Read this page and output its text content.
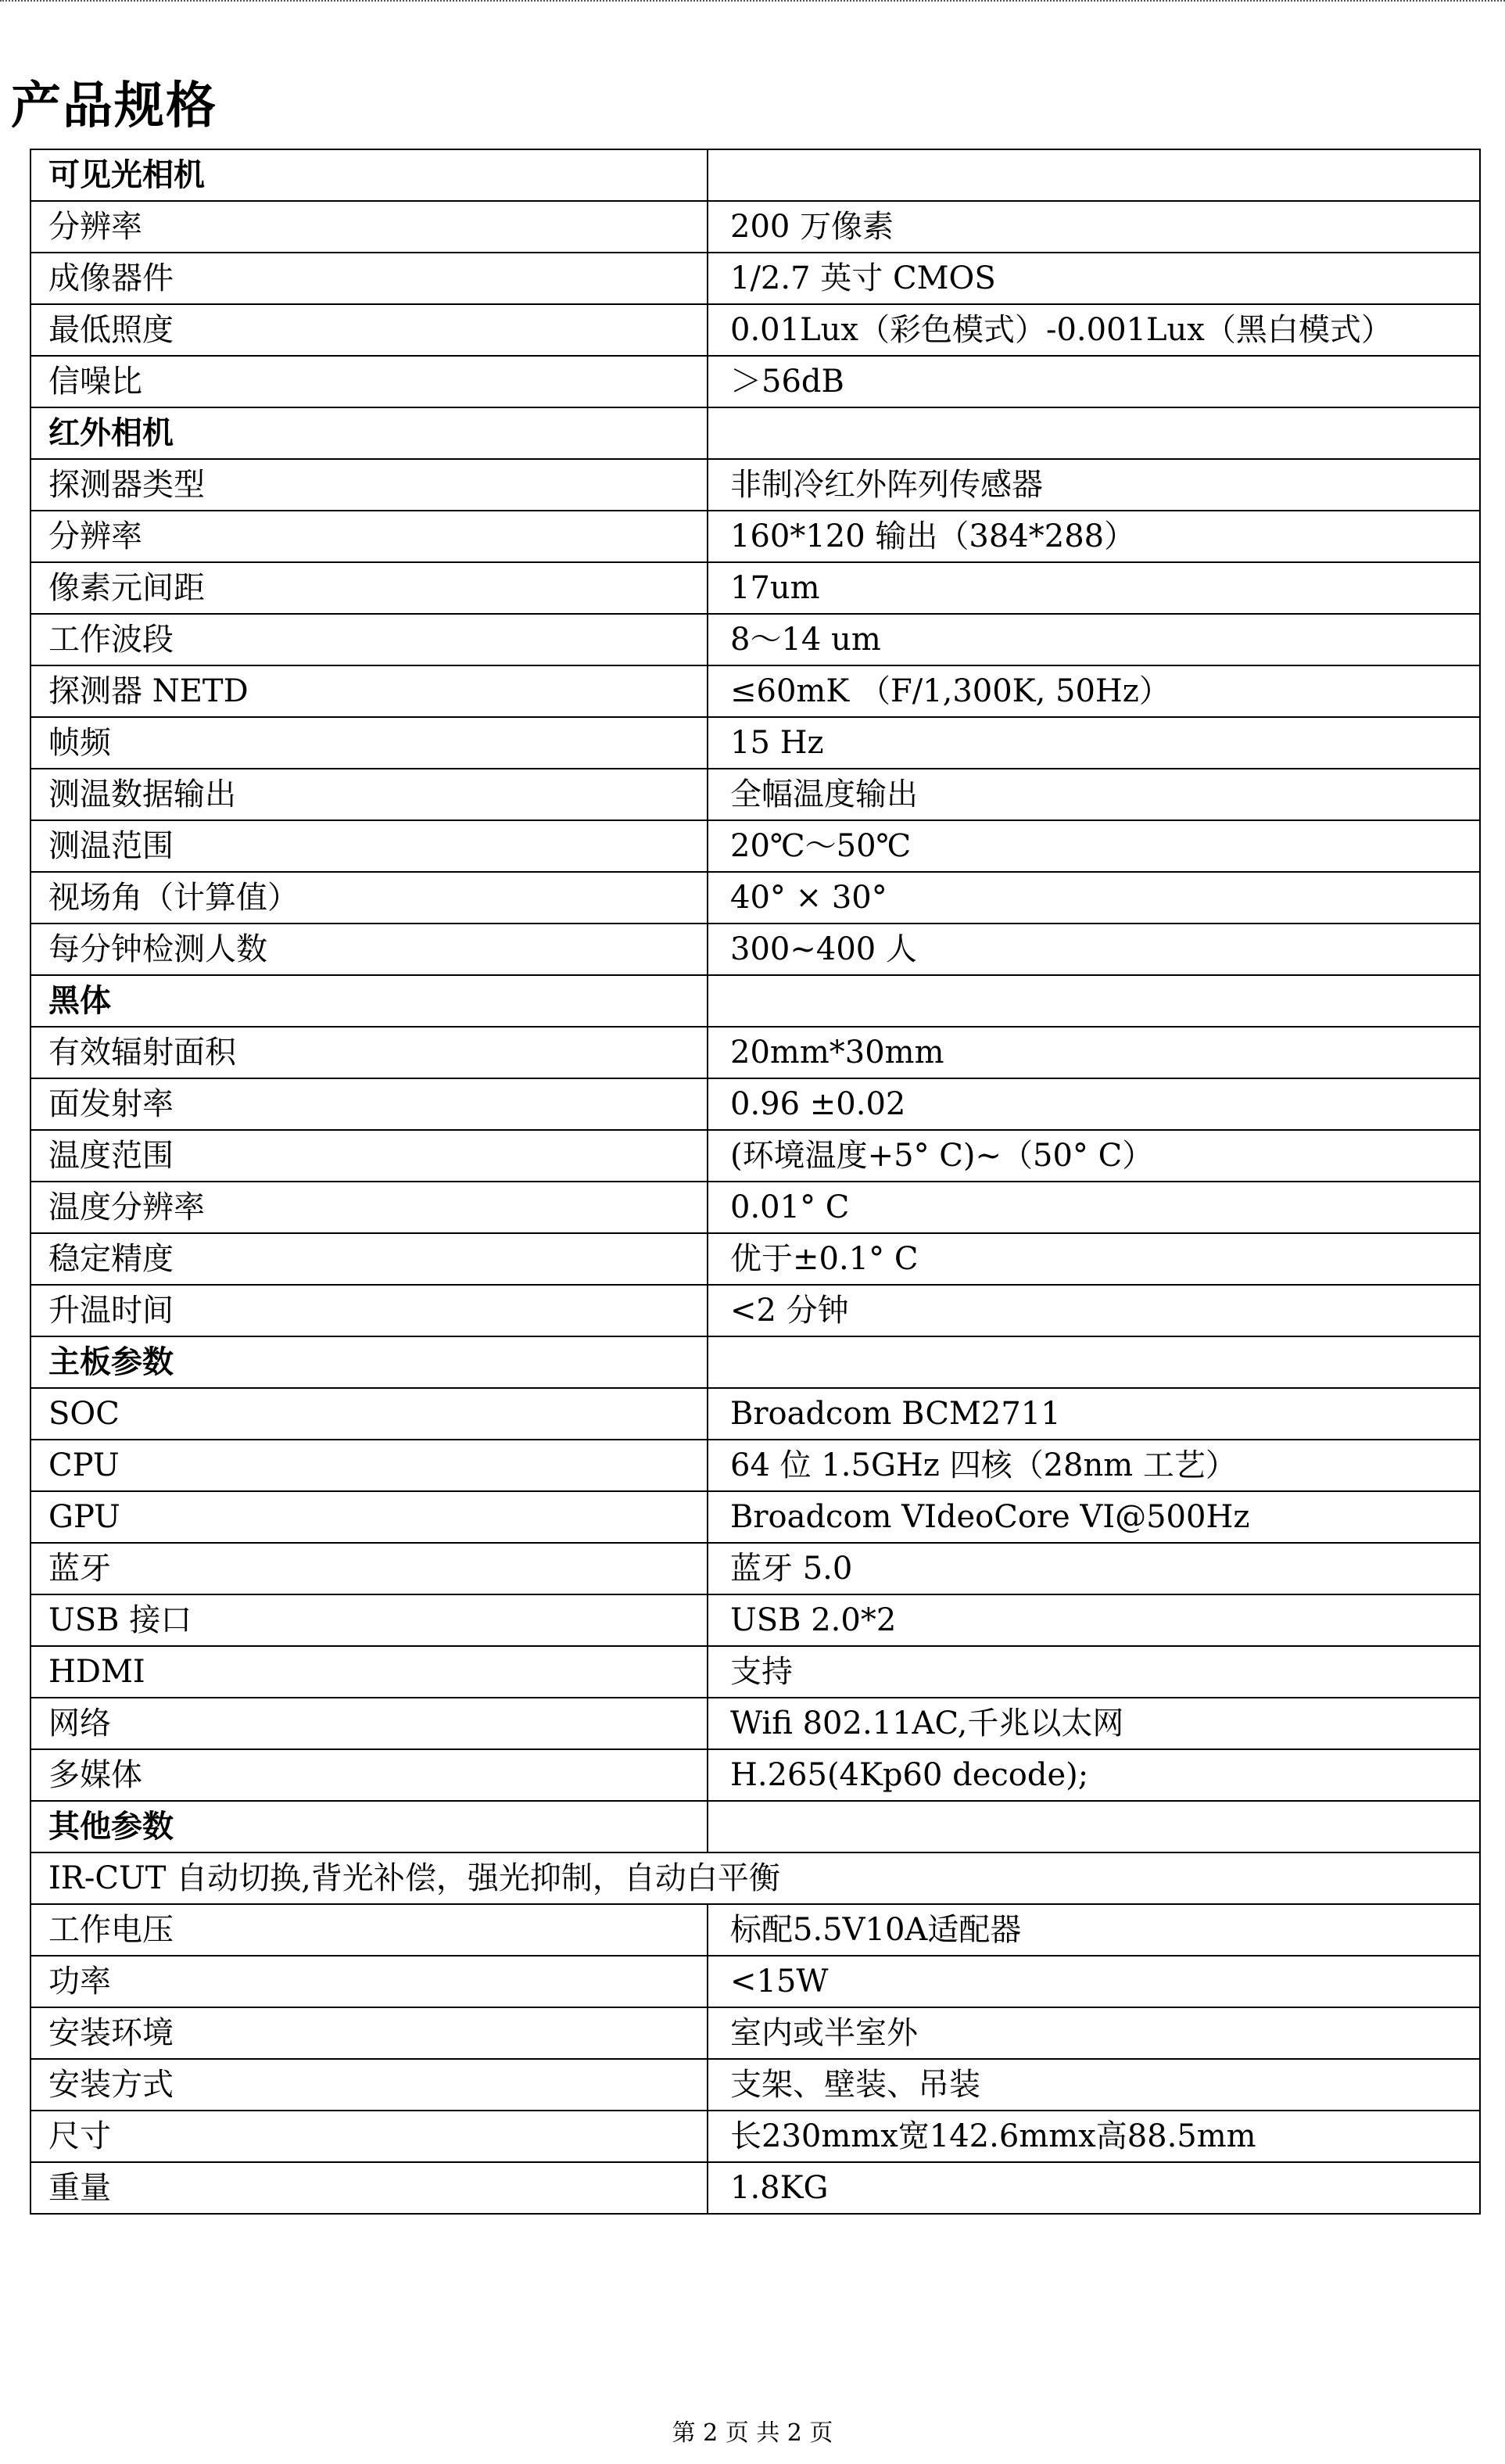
产品规格
可见光相机	
分辨率	200 万像素
成像器件	1/2.7 英寸 CMOS
最低照度	0.01Lux（彩色模式）-0.001Lux（黑白模式）
信噪比	＞56dB
红外相机	
探测器类型	非制冷红外阵列传感器
分辨率	160*120 输出（384*288）
像素元间距	17um
工作波段	8～14 um
探测器 NETD	≤60mK （F/1,300K, 50Hz）
帧频	15 Hz
测温数据输出	全幅温度输出
测温范围	20℃～50℃
视场角（计算值）	40° × 30°
每分钟检测人数	300~400 人
黑体	
有效辐射面积	20mm*30mm
面发射率	0.96 ±0.02
温度范围	(环境温度+5° C)~（50° C）
温度分辨率	0.01° C
稳定精度	优于±0.1° C
升温时间	<2 分钟
主板参数	
SOC	Broadcom BCM2711
CPU	64 位 1.5GHz 四核（28nm 工艺）
GPU	Broadcom VIdeoCore VI@500Hz
蓝牙	蓝牙 5.0
USB 接口	USB 2.0*2
HDMI	支持
网络	Wifi 802.11AC,千兆以太网
多媒体	H.265(4Kp60 decode);
其他参数	
IR-CUT 自动切换,背光补偿，强光抑制，自动白平衡	
工作电压	标配5.5V10A适配器
功率	<15W
安装环境	室内或半室外
安装方式	支架、壁装、吊装
尺寸	长230mmx宽142.6mmx高88.5mm
重量	1.8KG
第 2 页 共 2 页
